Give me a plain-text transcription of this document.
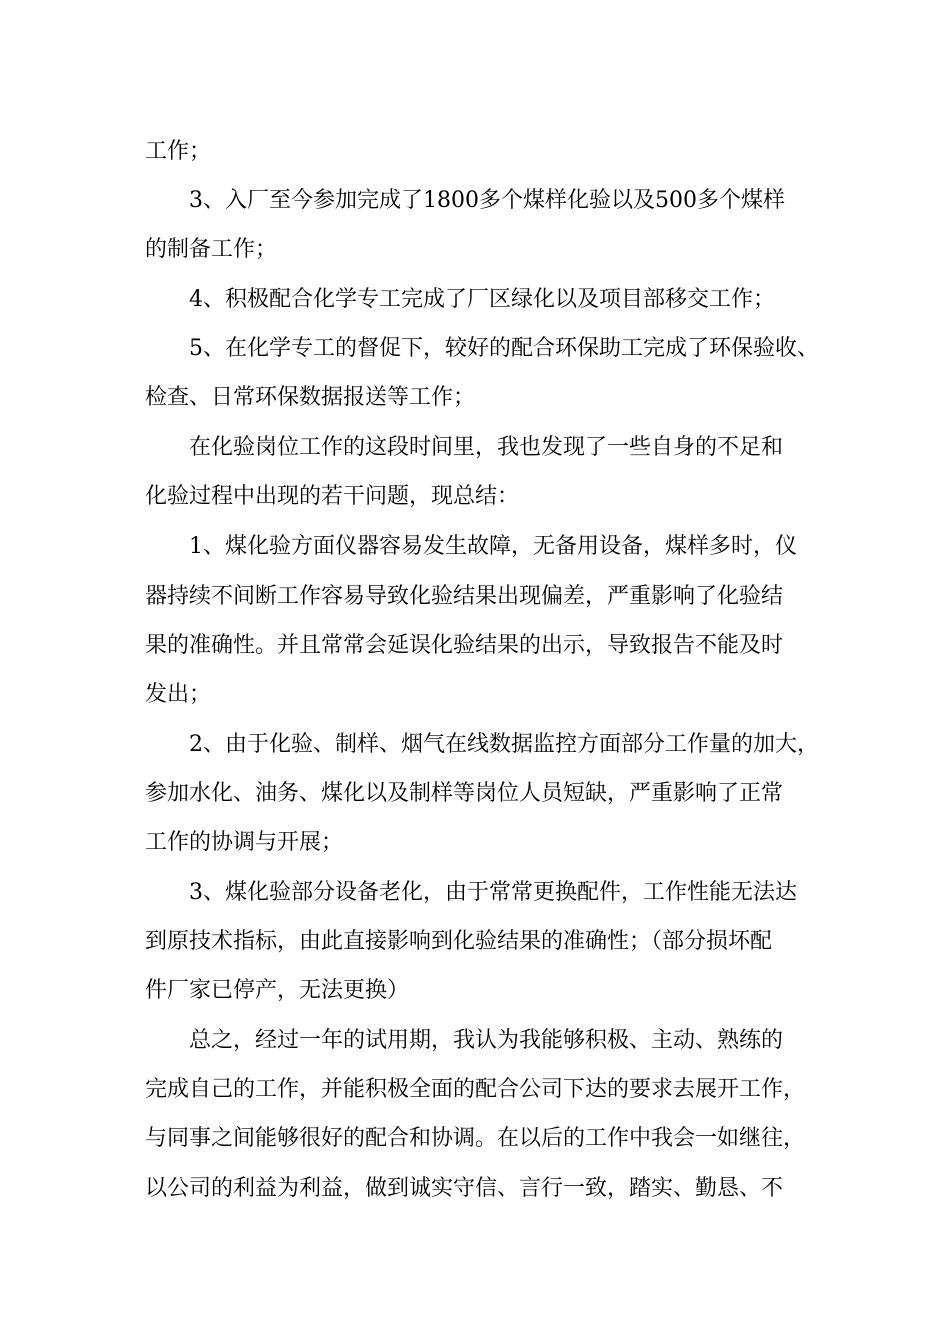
工作；
3、入厂至今参加完成了1800多个煤样化验以及500多个煤样
的制备工作；
4、积极配合化学专工完成了厂区绿化以及项目部移交工作；
5、在化学专工的督促下，较好的配合环保助工完成了环保验收、
检查、日常环保数据报送等工作；
在化验岗位工作的这段时间里，我也发现了一些自身的不足和
化验过程中出现的若干问题，现总结：
1、煤化验方面仪器容易发生故障，无备用设备，煤样多时，仪
器持续不间断工作容易导致化验结果出现偏差，严重影响了化验结
果的准确性。并且常常会延误化验结果的出示，导致报告不能及时
发出；
2、由于化验、制样、烟气在线数据监控方面部分工作量的加大，
参加水化、油务、煤化以及制样等岗位人员短缺，严重影响了正常
工作的协调与开展；
3、煤化验部分设备老化，由于常常更换配件，工作性能无法达
到原技术指标，由此直接影响到化验结果的准确性；（部分损坏配
件厂家已停产，无法更换）
总之，经过一年的试用期，我认为我能够积极、主动、熟练的
完成自己的工作，并能积极全面的配合公司下达的要求去展开工作，
与同事之间能够很好的配合和协调。在以后的工作中我会一如继往，
以公司的利益为利益，做到诚实守信、言行一致，踏实、勤恳、不
